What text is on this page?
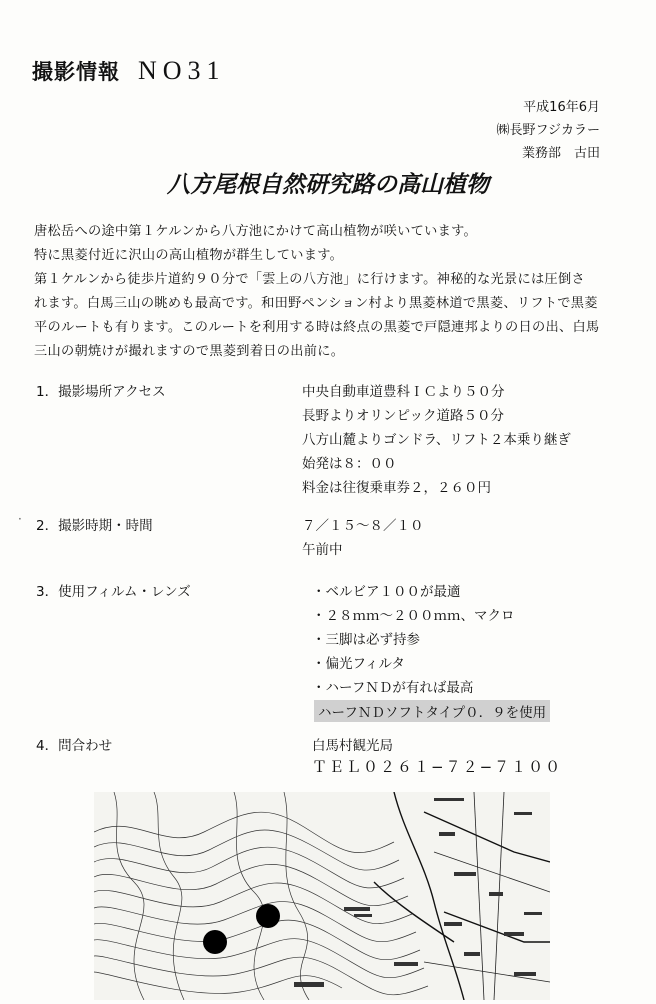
撮影情報 NO31
平成16年6月
㈱長野フジカラー
業務部　古田
八方尾根自然研究路の高山植物
唐松岳への途中第１ケルンから八方池にかけて高山植物が咲いています。
特に黒菱付近に沢山の高山植物が群生しています。
第１ケルンから徒歩片道約９０分で「雲上の八方池」に行けます。神秘的な光景には圧倒さ
れます。白馬三山の眺めも最高です。和田野ペンション村より黒菱林道で黒菱、リフトで黒菱
平のルートも有ります。このルートを利用する時は終点の黒菱で戸隠連邦よりの日の出、白馬
三山の朝焼けが撮れますので黒菱到着日の出前に。
1．撮影場所アクセス	中央自動車道豊科ＩＣより５０分
長野よりオリンピック道路５０分
八方山麓よりゴンドラ、リフト２本乗り継ぎ
始発は８：００
料金は往復乗車券２，２６０円
2．撮影時期・時間	７／１５〜８／１０
午前中
3．使用フィルム・レンズ	・ベルビア１００が最適
・２８ｍｍ〜２００ｍｍ、マクロ
・三脚は必ず持参
・偏光フィルタ
・ハーフＮＤが有れば最高
ハーフＮＤソフトタイプ０．９を使用
4．問合わせ	白馬村観光局
ＴＥＬ０２６１−７２−７１００
·
